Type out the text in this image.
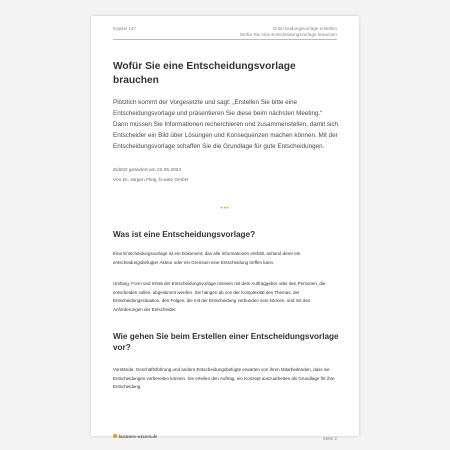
Kapitel 147	Entscheidungsvorlage erstellen
Wofür Sie eine Entscheidungsvorlage brauchen
Wofür Sie eine Entscheidungsvorlage brauchen

Plötzlich kommt der Vorgesetzte und sagt: „Erstellen Sie bitte eine Entscheidungsvorlage und präsentieren Sie diese beim nächsten Meeting.“ Dann müssen Sie Informationen recherchieren und zusammenstellen, damit sich Entscheider ein Bild über Lösungen und Konsequenzen machen können. Mit der Entscheidungsvorlage schaffen Sie die Grundlage für gute Entscheidungen.

Zuletzt geändert am 22.05.2024
Von Dr. Jürgen Fleig, b-wise GmbH
•••
Was ist eine Entscheidungsvorlage?

Eine Entscheidungsvorlage ist ein Dokument, das alle Informationen enthält, anhand derer ein entscheidungsbefugter Akteur oder ein Gremium eine Entscheidung treffen kann.

Umfang, Form und Inhalt der Entscheidungsvorlage müssen mit dem Auftraggeber oder den Personen, die entscheiden sollen, abgestimmt werden. Sie hängen ab von der Komplexität des Themas, der Entscheidungssituation, den Folgen, die mit der Entscheidung verbunden sein können, und mit den Anforderungen der Entscheider.

Wie gehen Sie beim Erstellen einer Entscheidungsvorlage vor?

Vorstände, Geschäftsführung und andere Entscheidungsbefugte erwarten von ihren Mitarbeitenden, dass sie Entscheidungen vorbereiten können. Sie erteilen den Auftrag, ein Konzept auszuarbeiten als Grundlage für ihre Entscheidung.

business-wissen.de	Seite 2
